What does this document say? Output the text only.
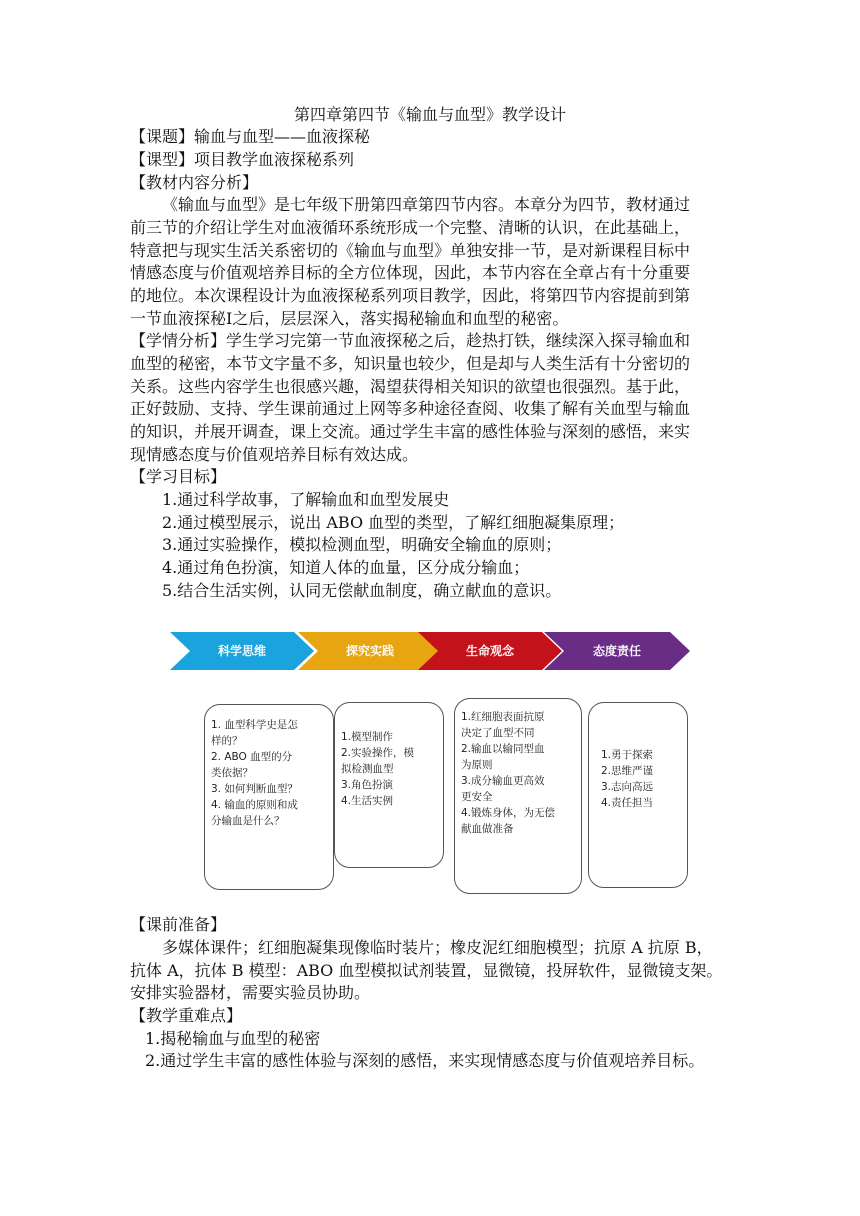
第四章第四节《输血与血型》教学设计
【课题】输血与血型——血液探秘
【课型】项目教学血液探秘系列
【教材内容分析】
《输血与血型》是七年级下册第四章第四节内容。本章分为四节，教材通过
前三节的介绍让学生对血液循环系统形成一个完整、清晰的认识，在此基础上，
特意把与现实生活关系密切的《输血与血型》单独安排一节，是对新课程目标中
情感态度与价值观培养目标的全方位体现，因此，本节内容在全章占有十分重要
的地位。本次课程设计为血液探秘系列项目教学，因此，将第四节内容提前到第
一节血液探秘Ⅰ之后，层层深入，落实揭秘输血和血型的秘密。
【学情分析】学生学习完第一节血液探秘之后，趁热打铁，继续深入探寻输血和
血型的秘密，本节文字量不多，知识量也较少，但是却与人类生活有十分密切的
关系。这些内容学生也很感兴趣，渴望获得相关知识的欲望也很强烈。基于此，
正好鼓励、支持、学生课前通过上网等多种途径查阅、收集了解有关血型与输血
的知识，并展开调查，课上交流。通过学生丰富的感性体验与深刻的感悟，来实
现情感态度与价值观培养目标有效达成。
【学习目标】
1.通过科学故事，了解输血和血型发展史
2.通过模型展示，说出 ABO 血型的类型，了解红细胞凝集原理；
3.通过实验操作，模拟检测血型，明确安全输血的原则；
4.通过角色扮演，知道人体的血量，区分成分输血；
5.结合生活实例，认同无偿献血制度，确立献血的意识。
科学思维	探究实践	生命观念	态度责任
1. 血型科学史是怎
样的？
2. ABO 血型的分
类依据？
3. 如何判断血型？
4. 输血的原则和成
分输血是什么？
1.模型制作
2.实验操作，模
拟检测血型
3.角色扮演
4.生活实例
1.红细胞表面抗原
决定了血型不同
2.输血以输同型血
为原则
3.成分输血更高效
更安全
4.锻炼身体，为无偿
献血做准备
1.勇于探索
2.思维严谨
3.志向高远
4.责任担当
【课前准备】
多媒体课件；红细胞凝集现像临时装片；橡皮泥红细胞模型；抗原 A 抗原 B，
抗体 A，抗体 B 模型：ABO 血型模拟试剂装置，显微镜，投屏软件，显微镜支架。
安排实验器材，需要实验员协助。
【教学重难点】
1.揭秘输血与血型的秘密
2.通过学生丰富的感性体验与深刻的感悟，来实现情感态度与价值观培养目标。
